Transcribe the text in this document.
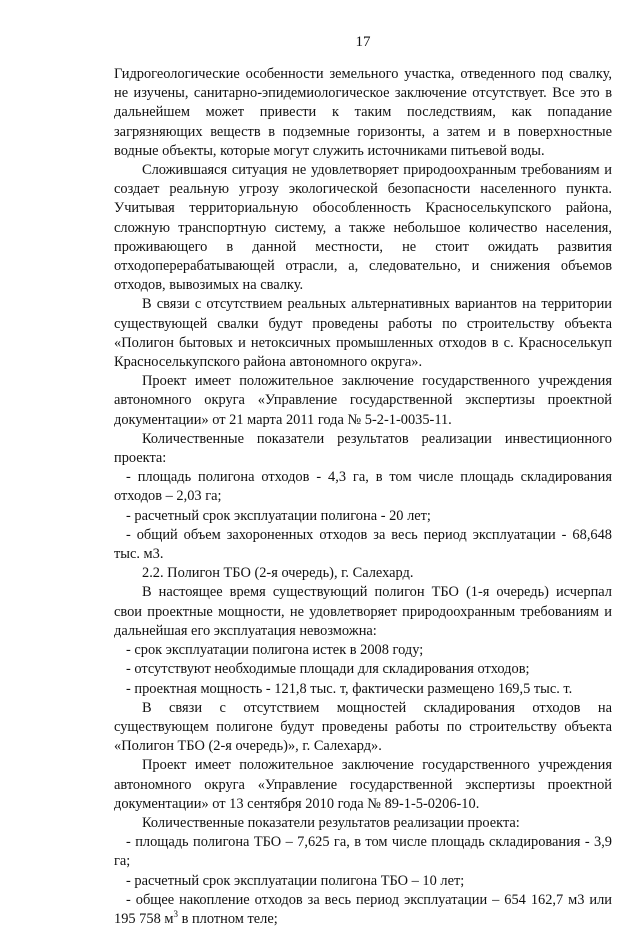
17

Гидрогеологические особенности земельного участка, отведенного под свалку, не изучены, санитарно-эпидемиологическое заключение отсутствует. Все это в дальнейшем может привести к таким последствиям, как попадание загрязняющих веществ в подземные горизонты, а затем и в поверхностные водные объекты, которые могут служить источниками питьевой воды.

Сложившаяся ситуация не удовлетворяет природоохранным требованиям и создает реальную угрозу экологической безопасности населенного пункта. Учитывая территориальную обособленность Красноселькупского района, сложную транспортную систему, а также небольшое количество населения, проживающего в данной местности, не стоит ожидать развития отходоперерабатывающей отрасли, а, следовательно, и снижения объемов отходов, вывозимых на свалку.

В связи с отсутствием реальных альтернативных вариантов на территории существующей свалки будут проведены работы по строительству объекта «Полигон бытовых и нетоксичных промышленных отходов в с. Красноселькуп Красноселькупского района автономного округа».

Проект имеет положительное заключение государственного учреждения автономного округа «Управление государственной экспертизы проектной документации» от 21 марта 2011 года № 5-2-1-0035-11.

Количественные показатели результатов реализации инвестиционного проекта:

- площадь полигона отходов - 4,3 га, в том числе площадь складирования отходов – 2,03 га;

- расчетный срок эксплуатации полигона - 20 лет;

- общий объем захороненных отходов за весь период эксплуатации - 68,648 тыс. м3.

2.2. Полигон ТБО (2-я очередь), г. Салехард.

В настоящее время существующий полигон ТБО (1-я очередь) исчерпал свои проектные мощности, не удовлетворяет природоохранным требованиям и дальнейшая его эксплуатация невозможна:

- срок эксплуатации полигона истек в 2008 году;

- отсутствуют необходимые площади для складирования отходов;

- проектная мощность - 121,8 тыс. т, фактически размещено 169,5 тыс. т.

В связи с отсутствием мощностей складирования отходов на существующем полигоне будут проведены работы по строительству объекта «Полигон ТБО (2-я очередь)», г. Салехард».

Проект имеет положительное заключение государственного учреждения автономного округа «Управление государственной экспертизы проектной документации» от 13 сентября 2010 года № 89-1-5-0206-10.

Количественные показатели результатов реализации проекта:

- площадь полигона ТБО – 7,625 га, в том числе площадь складирования - 3,9 га;

- расчетный срок эксплуатации полигона ТБО – 10 лет;

- общее накопление отходов за весь период эксплуатации – 654 162,7 м3 или 195 758 $м^3$ в плотном теле;
